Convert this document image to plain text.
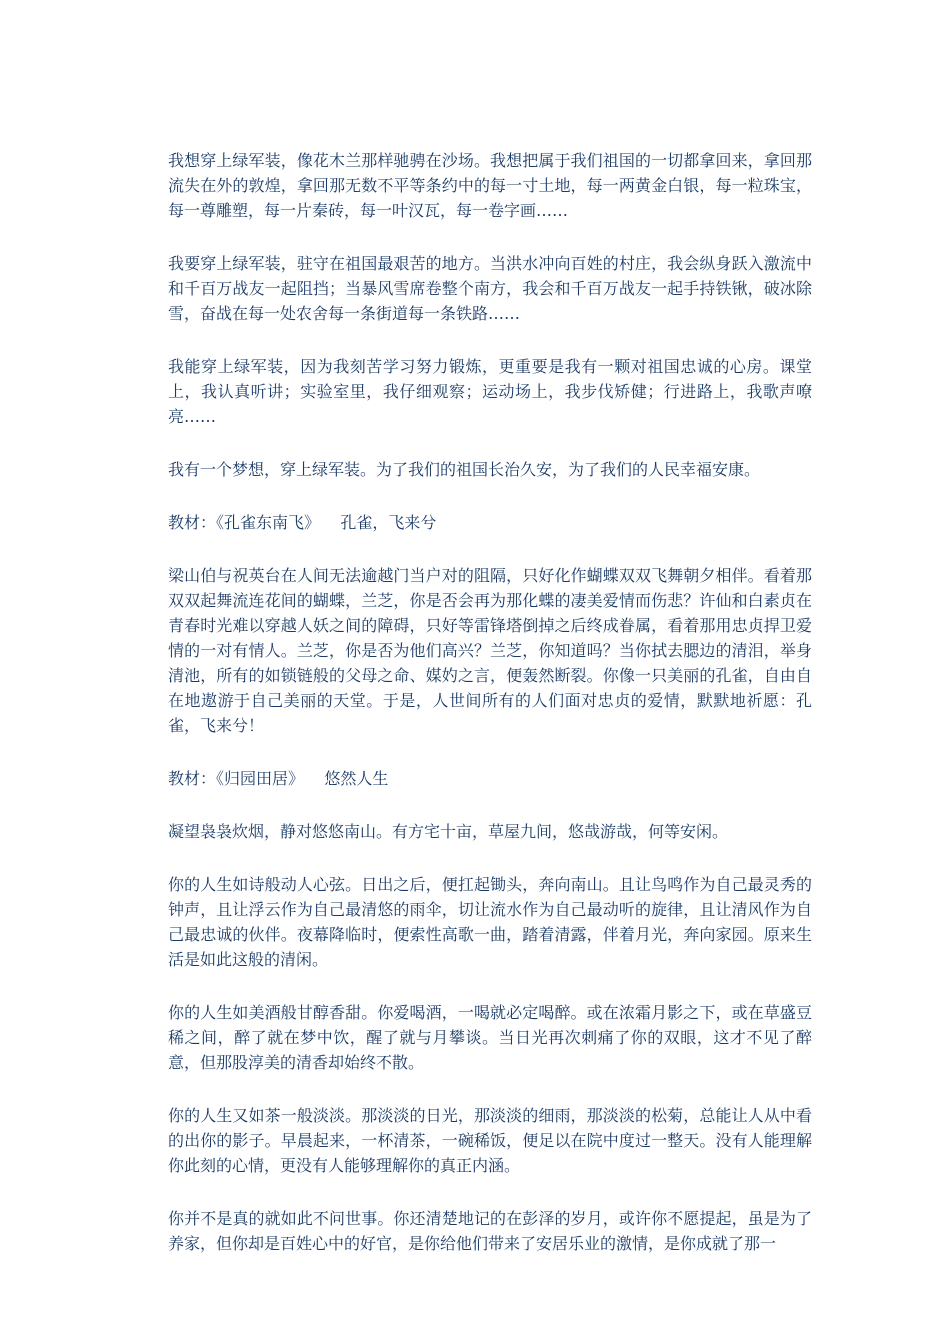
我想穿上绿军装，像花木兰那样驰骋在沙场。我想把属于我们祖国的一切都拿回来，拿回那流失在外的敦煌，拿回那无数不平等条约中的每一寸土地，每一两黄金白银，每一粒珠宝，每一尊雕塑，每一片秦砖，每一叶汉瓦，每一卷字画……

我要穿上绿军装，驻守在祖国最艰苦的地方。当洪水冲向百姓的村庄，我会纵身跃入激流中和千百万战友一起阻挡；当暴风雪席卷整个南方，我会和千百万战友一起手持铁锹，破冰除雪，奋战在每一处农舍每一条街道每一条铁路……

我能穿上绿军装，因为我刻苦学习努力锻炼，更重要是我有一颗对祖国忠诚的心房。课堂上，我认真听讲；实验室里，我仔细观察；运动场上，我步伐矫健；行进路上，我歌声嘹亮……

我有一个梦想，穿上绿军装。为了我们的祖国长治久安，为了我们的人民幸福安康。

教材：《孔雀东南飞》    孔雀，飞来兮

梁山伯与祝英台在人间无法逾越门当户对的阻隔，只好化作蝴蝶双双飞舞朝夕相伴。看着那双双起舞流连花间的蝴蝶，兰芝，你是否会再为那化蝶的凄美爱情而伤悲？许仙和白素贞在青春时光难以穿越人妖之间的障碍，只好等雷锋塔倒掉之后终成眷属，看着那用忠贞捍卫爱情的一对有情人。兰芝，你是否为他们高兴？兰芝，你知道吗？当你拭去腮边的清泪，举身清池，所有的如锁链般的父母之命、媒妁之言，便轰然断裂。你像一只美丽的孔雀，自由自在地遨游于自己美丽的天堂。于是，人世间所有的人们面对忠贞的爱情，默默地祈愿：孔雀，飞来兮！

教材：《归园田居》    悠然人生

凝望袅袅炊烟，静对悠悠南山。有方宅十亩，草屋九间，悠哉游哉，何等安闲。

你的人生如诗般动人心弦。日出之后，便扛起锄头，奔向南山。且让鸟鸣作为自己最灵秀的钟声，且让浮云作为自己最清悠的雨伞，切让流水作为自己最动听的旋律，且让清风作为自己最忠诚的伙伴。夜幕降临时，便索性高歌一曲，踏着清露，伴着月光，奔向家园。原来生活是如此这般的清闲。

你的人生如美酒般甘醇香甜。你爱喝酒，一喝就必定喝醉。或在浓霜月影之下，或在草盛豆稀之间，醉了就在梦中饮，醒了就与月攀谈。当日光再次刺痛了你的双眼，这才不见了醉意，但那股淳美的清香却始终不散。

你的人生又如茶一般淡淡。那淡淡的日光，那淡淡的细雨，那淡淡的松菊，总能让人从中看的出你的影子。早晨起来，一杯清茶，一碗稀饭，便足以在院中度过一整天。没有人能理解你此刻的心情，更没有人能够理解你的真正内涵。

你并不是真的就如此不问世事。你还清楚地记的在彭泽的岁月，或许你不愿提起，虽是为了养家，但你却是百姓心中的好官，是你给他们带来了安居乐业的激情，是你成就了那一
